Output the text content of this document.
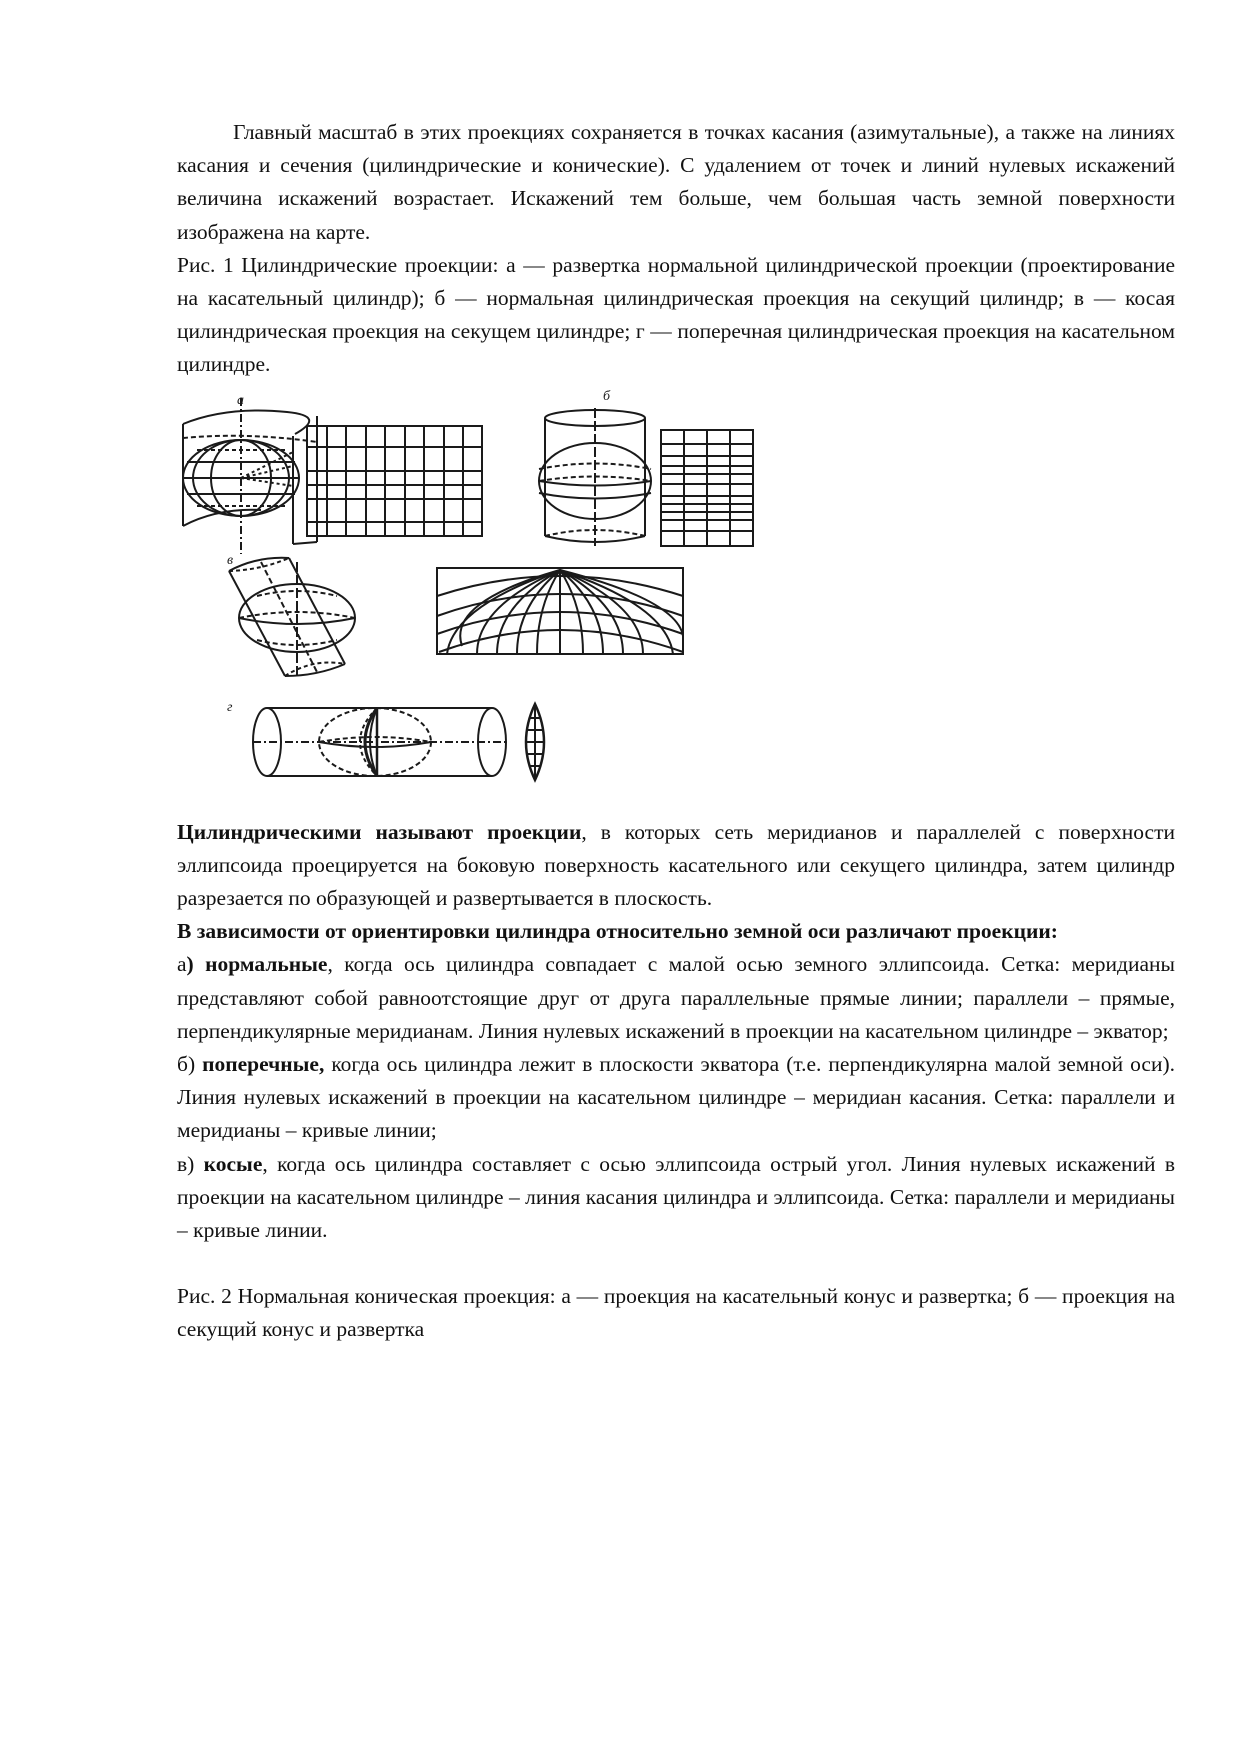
Главный масштаб в этих проекциях сохраняется в точках касания (азимутальные), а также на линиях касания и сечения (цилиндрические и конические). С удалением от точек и линий нулевых искажений величина искажений возрастает. Искажений тем больше, чем большая часть земной поверхности изображена на карте.

Рис. 1 Цилиндрические проекции: а — развертка нормальной цилиндрической проекции (проектирование на касательный цилиндр); б — нормальная цилиндрическая проекция на секущий цилиндр; в — косая цилиндрическая проекция на секущем цилиндре; г — поперечная цилиндрическая проекция на касательном цилиндре.

а	б
в
г

Цилиндрическими называют проекции, в которых сеть меридианов и параллелей с поверхности эллипсоида проецируется на боковую поверхность касательного или секущего цилиндра, затем цилиндр разрезается по образующей и развертывается в плоскость.

В зависимости от ориентировки цилиндра относительно земной оси различают проекции:

а) нормальные, когда ось цилиндра совпадает с малой осью земного эллипсоида. Сетка: меридианы представляют собой равноотстоящие друг от друга параллельные прямые линии; параллели – прямые, перпендикулярные меридианам. Линия нулевых искажений в проекции на касательном цилиндре – экватор;

б) поперечные, когда ось цилиндра лежит в плоскости экватора (т.е. перпендикулярна малой земной оси). Линия нулевых искажений в проекции на касательном цилиндре – меридиан касания. Сетка: параллели и меридианы – кривые линии;

в) косые, когда ось цилиндра составляет с осью эллипсоида острый угол. Линия нулевых искажений в проекции на касательном цилиндре – линия касания цилиндра и эллипсоида. Сетка: параллели и меридианы – кривые линии.

Рис. 2 Нормальная коническая проекция: а — проекция на касательный конус и развертка; б — проекция на секущий конус и развертка
